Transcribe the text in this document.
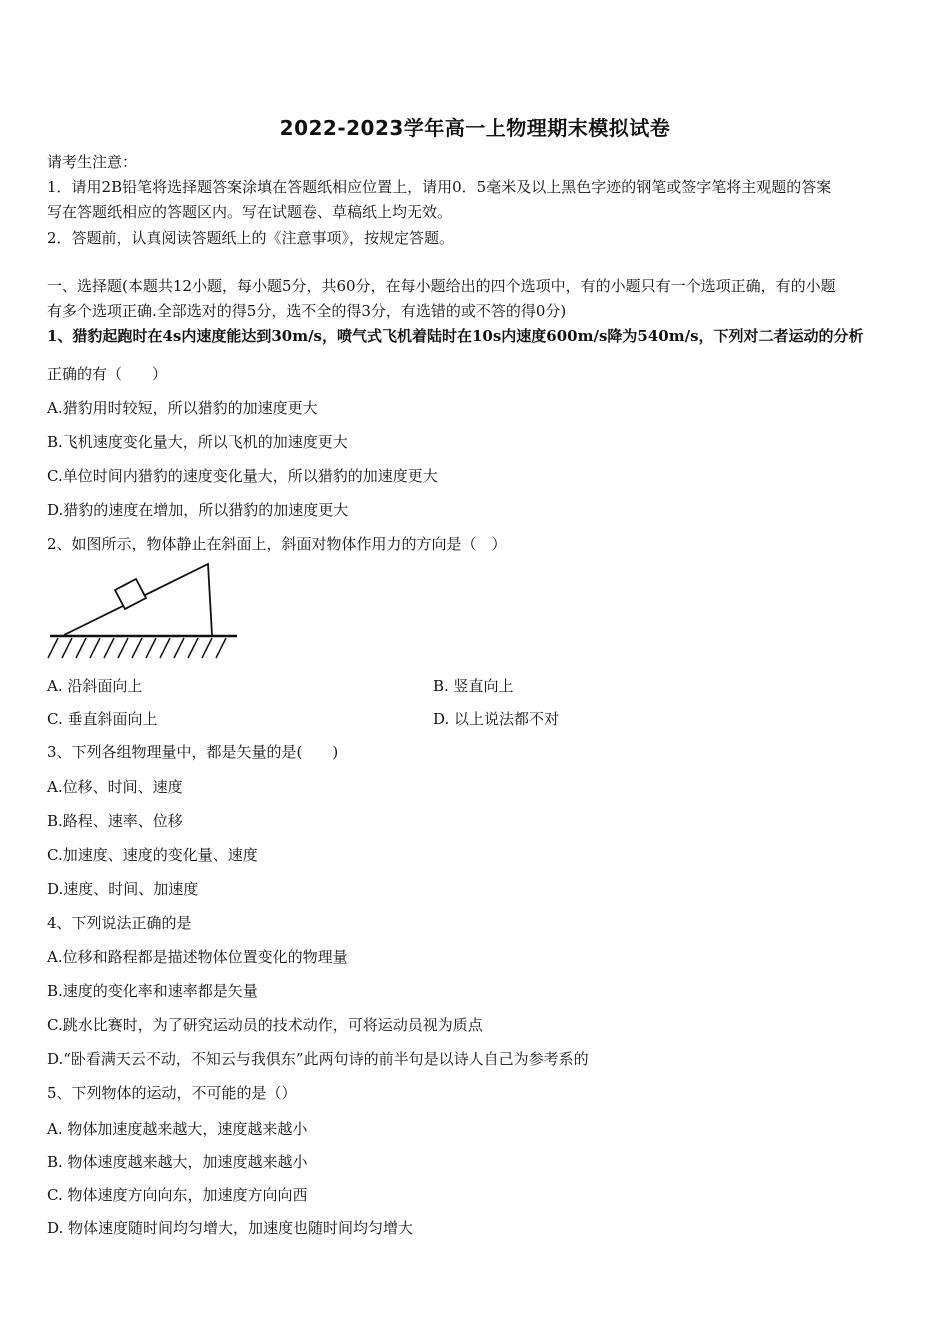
2022-2023学年高一上物理期末模拟试卷
请考生注意：
1．请用2B铅笔将选择题答案涂填在答题纸相应位置上，请用0．5毫米及以上黑色字迹的钢笔或签字笔将主观题的答案
写在答题纸相应的答题区内。写在试题卷、草稿纸上均无效。
2．答题前，认真阅读答题纸上的《注意事项》，按规定答题。
一、选择题(本题共12小题，每小题5分，共60分，在每小题给出的四个选项中，有的小题只有一个选项正确，有的小题
有多个选项正确.全部选对的得5分，选不全的得3分，有选错的或不答的得0分)
1、猎豹起跑时在4s内速度能达到30m/s，喷气式飞机着陆时在10s内速度600m/s降为540m/s，下列对二者运动的分析
正确的有（　　）
A.猎豹用时较短，所以猎豹的加速度更大
B.飞机速度变化量大，所以飞机的加速度更大
C.单位时间内猎豹的速度变化量大，所以猎豹的加速度更大
D.猎豹的速度在增加，所以猎豹的加速度更大
2、如图所示，物体静止在斜面上，斜面对物体作用力的方向是（　）
A. 沿斜面向上	B. 竖直向上
C. 垂直斜面向上	D. 以上说法都不对
3、下列各组物理量中，都是矢量的是(　　)
A.位移、时间、速度
B.路程、速率、位移
C.加速度、速度的变化量、速度
D.速度、时间、加速度
4、下列说法正确的是
A.位移和路程都是描述物体位置变化的物理量
B.速度的变化率和速率都是矢量
C.跳水比赛时，为了研究运动员的技术动作，可将运动员视为质点
D.“卧看满天云不动，不知云与我俱东”此两句诗的前半句是以诗人自己为参考系的
5、下列物体的运动，不可能的是（）
A. 物体加速度越来越大，速度越来越小
B. 物体速度越来越大，加速度越来越小
C. 物体速度方向向东，加速度方向向西
D. 物体速度随时间均匀增大，加速度也随时间均匀增大
